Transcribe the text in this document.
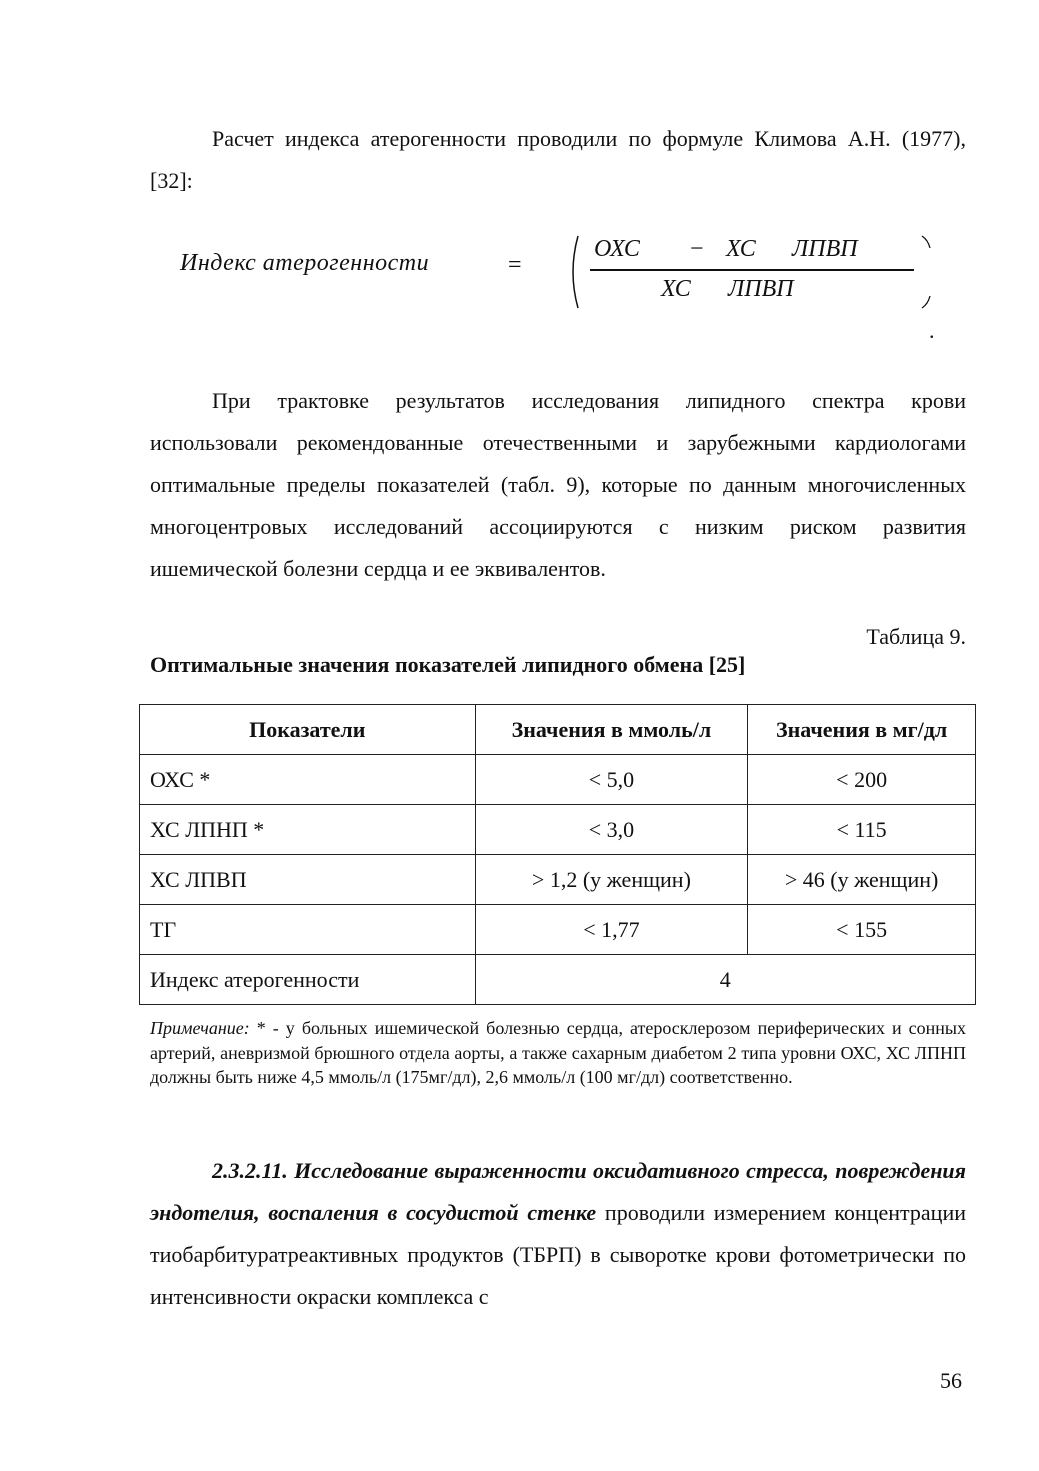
Расчет индекса атерогенности проводили по формуле Климова А.Н. (1977), [32]:

Индекс атерогенности	=
ОХС − ХС ЛПВП
ХС ЛПВП
.

При трактовке результатов исследования липидного спектра крови использовали рекомендованные отечественными и зарубежными кардиологами оптимальные пределы показателей (табл. 9), которые по данным многочисленных многоцентровых исследований ассоциируются с низким риском развития ишемической болезни сердца и ее эквивалентов.

Таблица 9.
Оптимальные значения показателей липидного обмена [25]
Показатели	Значения в ммоль/л	Значения в мг/дл
ОХС *	< 5,0	< 200
ХС ЛПНП *	< 3,0	< 115
ХС ЛПВП	> 1,2 (у женщин)	> 46 (у женщин)
ТГ	< 1,77	< 155
Индекс атерогенности	4	

Примечание: * - у больных ишемической болезнью сердца, атеросклерозом периферических и сонных артерий, аневризмой брюшного отдела аорты, а также сахарным диабетом 2 типа уровни ОХС, ХС ЛПНП должны быть ниже 4,5 ммоль/л (175мг/дл), 2,6 ммоль/л (100 мг/дл) соответственно.

2.3.2.11. Исследование выраженности оксидативного стресса, повреждения эндотелия, воспаления в сосудистой стенке проводили измерением концентрации тиобарбитуратреактивных продуктов (ТБРП) в сыворотке крови фотометрически по интенсивности окраски комплекса с

56
